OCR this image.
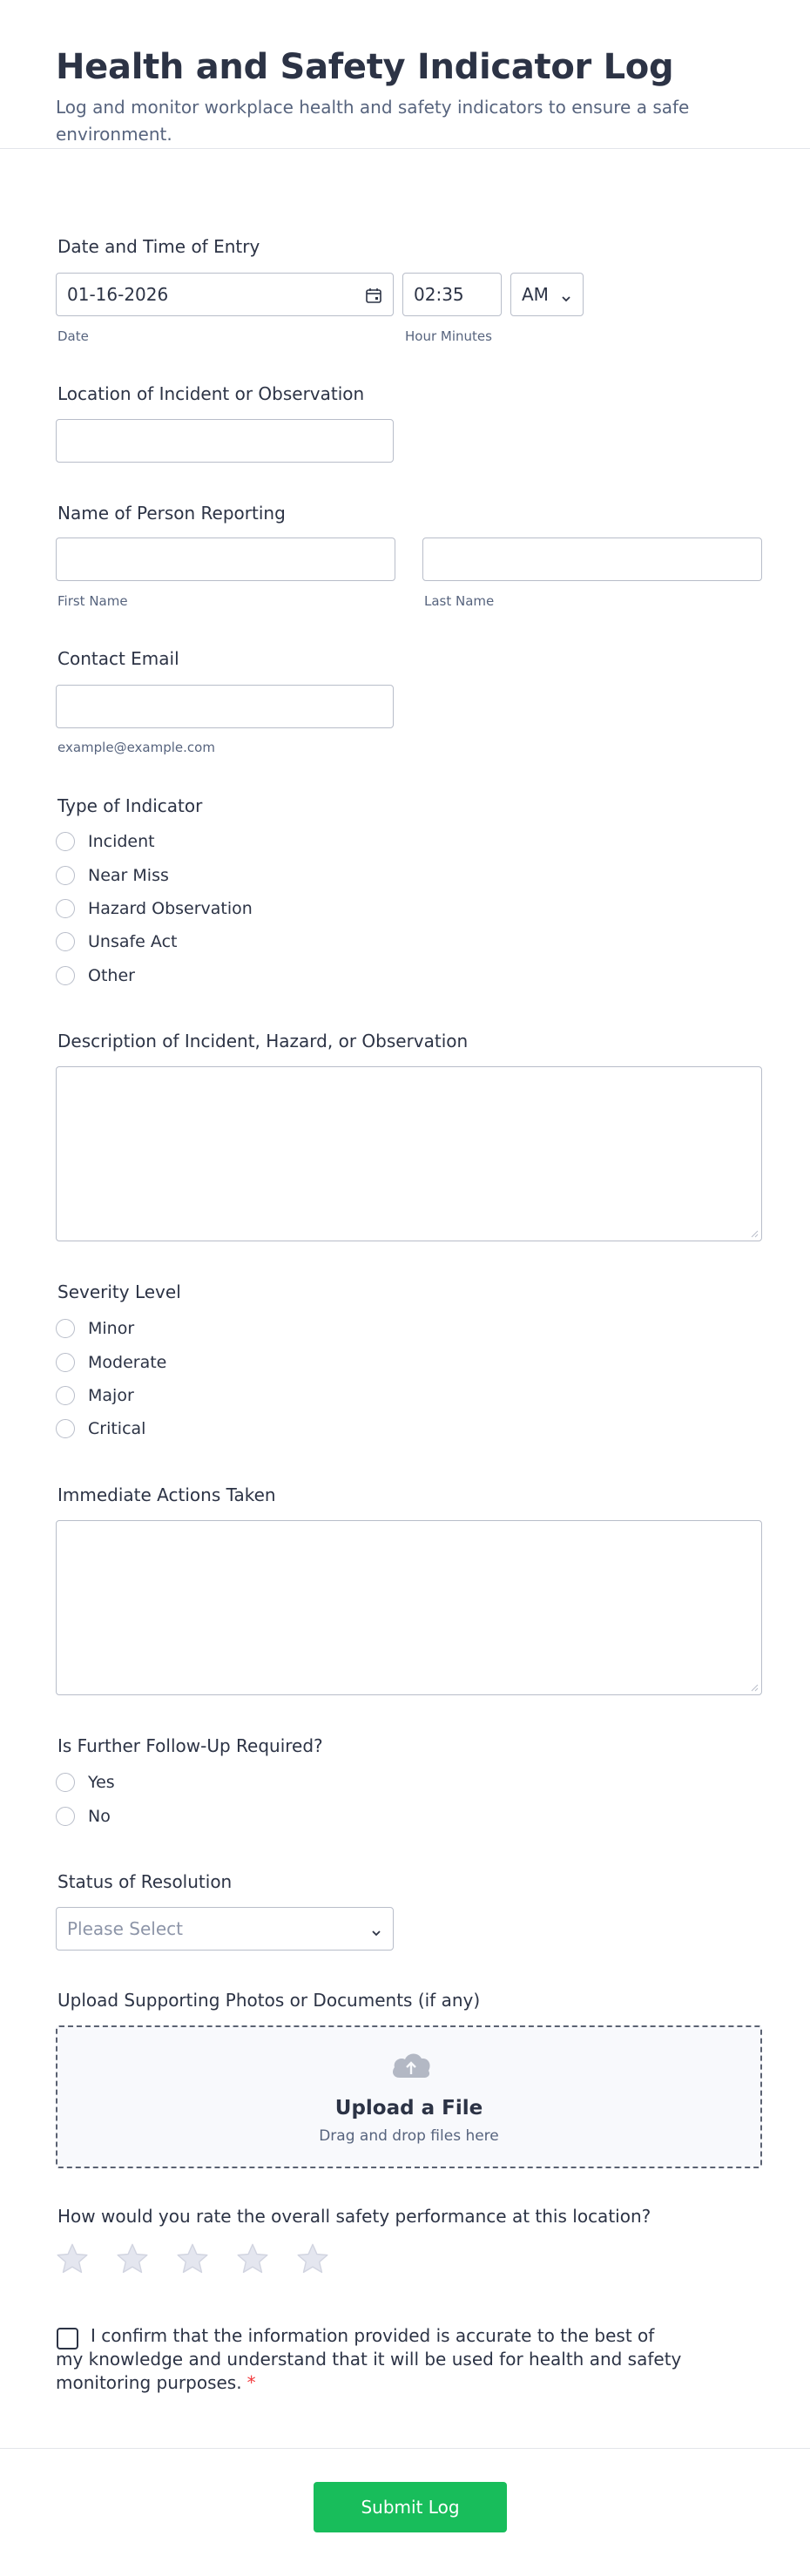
Health and Safety Indicator Log
Log and monitor workplace health and safety indicators to ensure a safe environment.
Date and Time of Entry
01-16-2026	02:35	AM
Date	Hour Minutes
Location of Incident or Observation
Name of Person Reporting
First Name	Last Name
Contact Email
example@example.com
Type of Indicator
Incident
Near Miss
Hazard Observation
Unsafe Act
Other
Description of Incident, Hazard, or Observation
Severity Level
Minor
Moderate
Major
Critical
Immediate Actions Taken
Is Further Follow-Up Required?
Yes
No
Status of Resolution
Please Select
Upload Supporting Photos or Documents (if any)
Upload a File
Drag and drop files here
How would you rate the overall safety performance at this location?
I confirm that the information provided is accurate to the best of my knowledge and understand that it will be used for health and safety monitoring purposes. *
Submit Log
